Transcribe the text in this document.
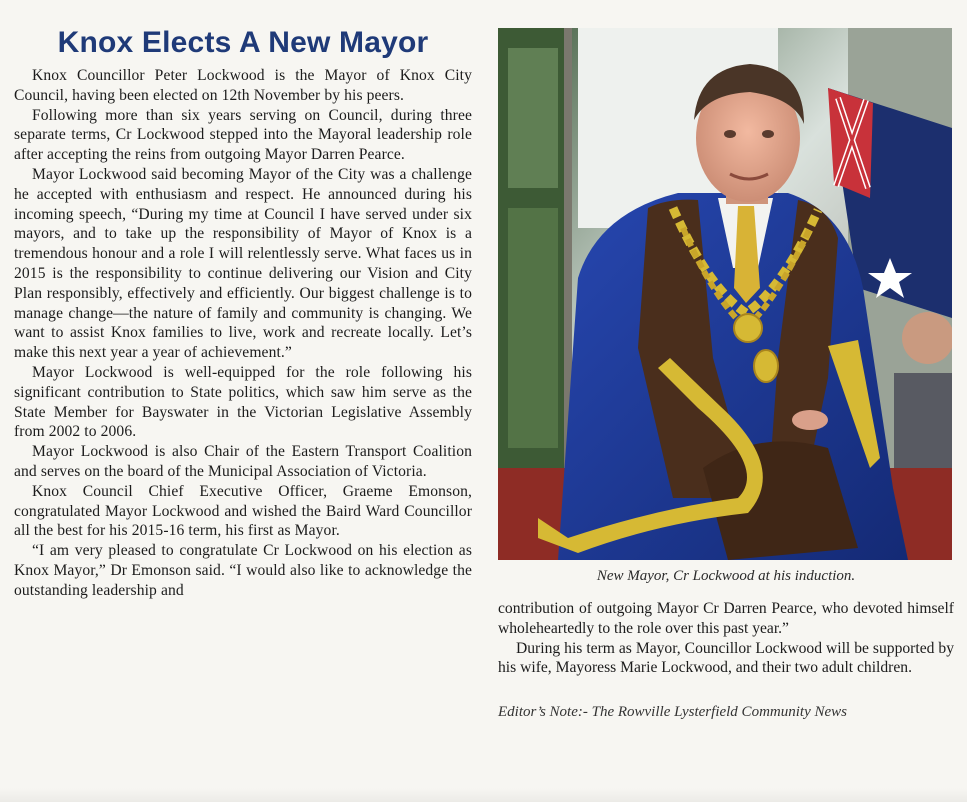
Knox Elects A New Mayor

Knox Councillor Peter Lockwood is the Mayor of Knox City Council, having been elected on 12th November by his peers.

Following more than six years serving on Council, during three separate terms, Cr Lockwood stepped into the Mayoral leadership role after accepting the reins from outgoing Mayor Darren Pearce.

Mayor Lockwood said becoming Mayor of the City was a challenge he accepted with enthusiasm and respect. He announced during his incoming speech, “During my time at Council I have served under six mayors, and to take up the responsibility of Mayor of Knox is a tremendous honour and a role I will relentlessly serve. What faces us in 2015 is the responsibility to continue delivering our Vision and City Plan responsibly, effectively and efficiently. Our biggest challenge is to manage change—the nature of family and community is changing. We want to assist Knox families to live, work and recreate locally. Let’s make this next year a year of achievement.”

Mayor Lockwood is well-equipped for the role following his significant contribution to State politics, which saw him serve as the State Member for Bayswater in the Victorian Legislative Assembly from 2002 to 2006.

Mayor Lockwood is also Chair of the Eastern Transport Coalition and serves on the board of the Municipal Association of Victoria.

Knox Council Chief Executive Officer, Graeme Emonson, congratulated Mayor Lockwood and wished the Baird Ward Councillor all the best for his 2015-16 term, his first as Mayor.

“I am very pleased to congratulate Cr Lockwood on his election as Knox Mayor,” Dr Emonson said. “I would also like to acknowledge the outstanding leadership and

New Mayor, Cr Lockwood at his induction.

contribution of outgoing Mayor Cr Darren Pearce, who devoted himself wholeheartedly to the role over this past year.”

During his term as Mayor, Councillor Lockwood will be supported by his wife, Mayoress Marie Lockwood, and their two adult children.

Editor’s Note:- The Rowville Lysterfield Community News
